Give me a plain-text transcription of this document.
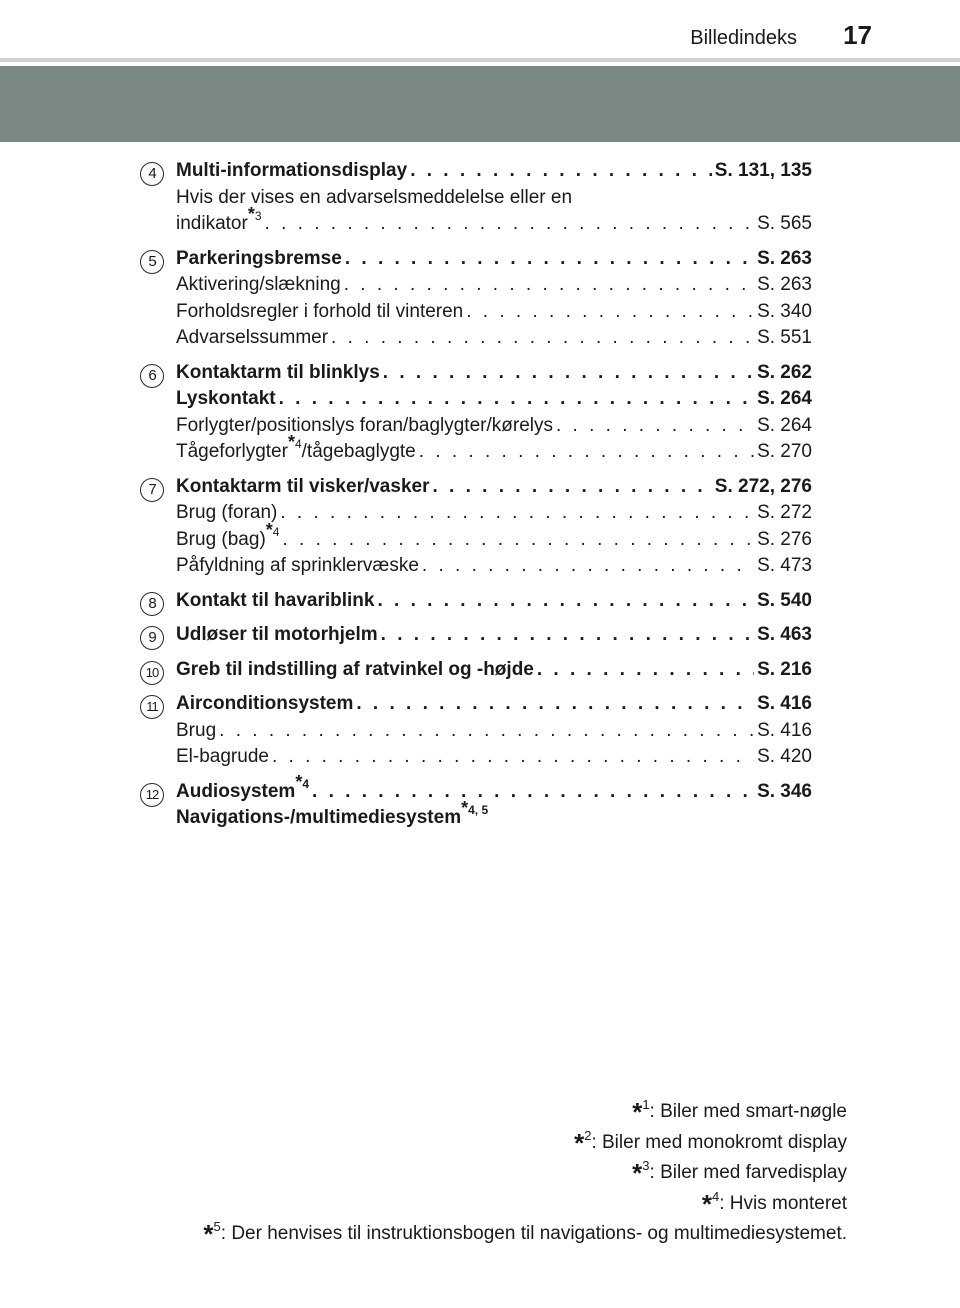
Billedindeks 17
4	Multi-informationsdisplay . . .	S. 131, 135
Hvis der vises en advarselsmeddelelse eller en
indikator$^{*3}$ . . .	S. 565
5	Parkeringsbremse . . .	S. 263
Aktivering/slækning . . .	S. 263
Forholdsregler i forhold til vinteren . . .	S. 340
Advarselssummer . . .	S. 551
6	Kontaktarm til blinklys . . .	S. 262
Lyskontakt . . .	S. 264
Forlygter/positionslys foran/baglygter/kørelys . . .	S. 264
Tågeforlygter$^{*4}$/tågebaglygte . . .	S. 270
7	Kontaktarm til visker/vasker . . .	S. 272, 276
Brug (foran) . . .	S. 272
Brug (bag)$^{*4}$ . . .	S. 276
Påfyldning af sprinklervæske . . .	S. 473
8	Kontakt til havariblink . . .	S. 540
9	Udløser til motorhjelm . . .	S. 463
10 Greb til indstilling af ratvinkel og -højde . . .	S. 216
11 Airconditionsystem . . .	S. 416
Brug . . .	S. 416
El-bagrude . . .	S. 420
12 Audiosystem$^{*4}$ . . .	S. 346
Navigations-/multimediesystem$^{*4, 5}$
*$^1$: Biler med smart-nøgle
*$^2$: Biler med monokromt display
*$^3$: Biler med farvedisplay
*$^4$: Hvis monteret
*$^5$: Der henvises til instruktionsbogen til navigations- og multimediesystemet.
